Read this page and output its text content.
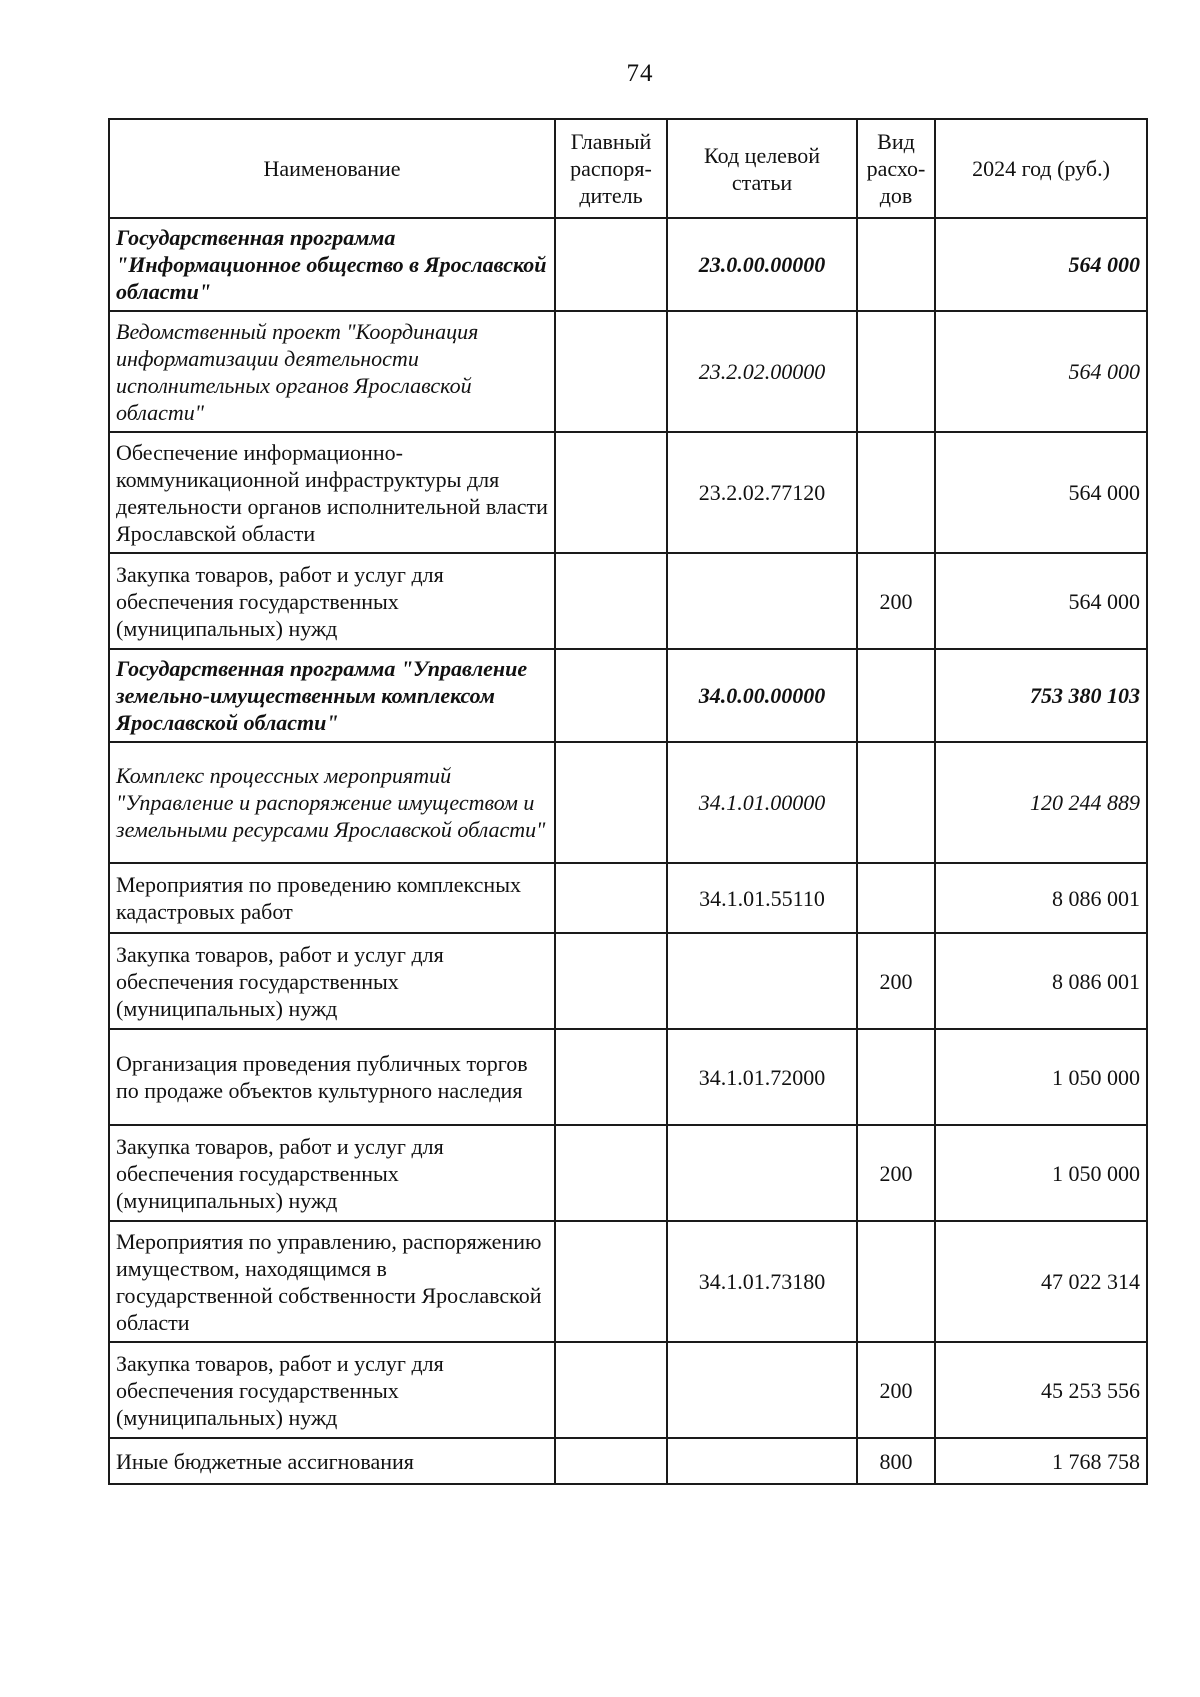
74
Наименование	Главный распоря-дитель	Код целевой статьи	Вид расхо-дов	2024 год (руб.)
Государственная программа "Информационное общество в Ярославской области"		23.0.00.00000		564 000
Ведомственный проект "Координация информатизации деятельности исполнительных органов Ярославской области"		23.2.02.00000		564 000
Обеспечение информационно-коммуникационной инфраструктуры для деятельности органов исполнительной власти Ярославской области		23.2.02.77120		564 000
Закупка товаров, работ и услуг для обеспечения государственных (муниципальных) нужд			200	564 000
Государственная программа "Управление земельно-имущественным комплексом Ярославской области"		34.0.00.00000		753 380 103
Комплекс процессных мероприятий "Управление и распоряжение имуществом и земельными ресурсами Ярославской области"		34.1.01.00000		120 244 889
Мероприятия по проведению комплексных кадастровых работ		34.1.01.55110		8 086 001
Закупка товаров, работ и услуг для обеспечения государственных (муниципальных) нужд			200	8 086 001
Организация проведения публичных торгов по продаже объектов культурного наследия		34.1.01.72000		1 050 000
Закупка товаров, работ и услуг для обеспечения государственных (муниципальных) нужд			200	1 050 000
Мероприятия по управлению, распоряжению имуществом, находящимся в государственной собственности Ярославской области		34.1.01.73180		47 022 314
Закупка товаров, работ и услуг для обеспечения государственных (муниципальных) нужд			200	45 253 556
Иные бюджетные ассигнования			800	1 768 758
